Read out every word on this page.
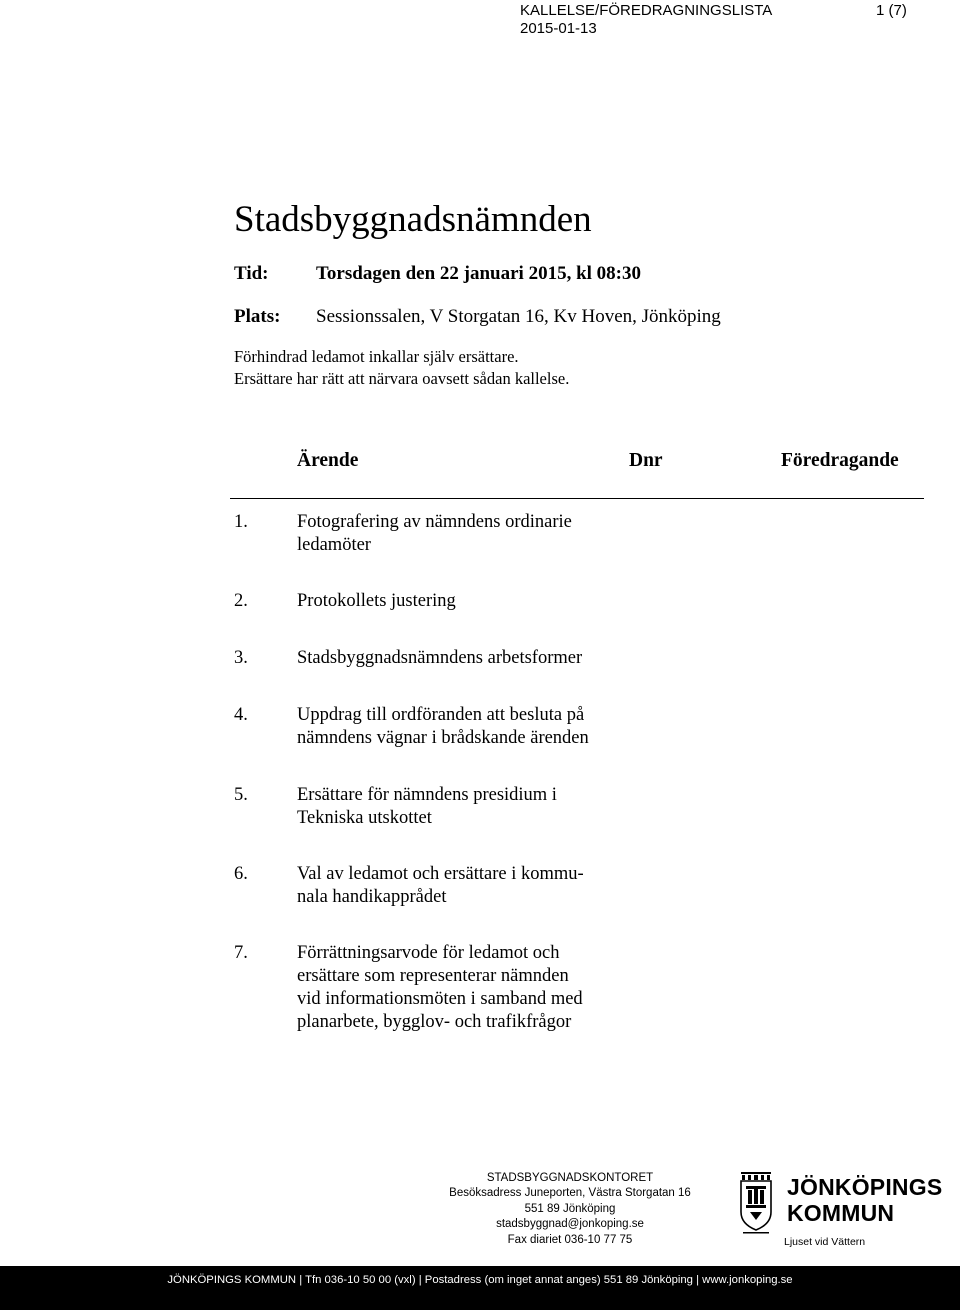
KALLELSE/FÖREDRAGNINGSLISTA	1 (7)
2015-01-13
Stadsbyggnadsnämnden
Tid: Torsdagen den 22 januari 2015, kl 08:30
Plats: Sessionssalen, V Storgatan 16, Kv Hoven, Jönköping
Förhindrad ledamot inkallar själv ersättare.
Ersättare har rätt att närvara oavsett sådan kallelse.
Ärende	Dnr	Föredragande
1.	Fotografering av nämndens ordinarie
ledamöter
2.	Protokollets justering
3.	Stadsbyggnadsnämndens arbetsformer
4.	Uppdrag till ordföranden att besluta på
nämndens vägnar i brådskande ärenden
5.	Ersättare för nämndens presidium i
Tekniska utskottet
6.	Val av ledamot och ersättare i kommu-
nala handikapprådet
7.	Förrättningsarvode för ledamot och
ersättare som representerar nämnden
vid informationsmöten i samband med
planarbete, bygglov- och trafikfrågor
STADSBYGGNADSKONTORET
Besöksadress Juneporten, Västra Storgatan 16
551 89 Jönköping
stadsbyggnad@jonkoping.se
Fax diariet 036-10 77 75
JÖNKÖPINGS
KOMMUN
Ljuset vid Vättern
JÖNKÖPINGS KOMMUN | Tfn 036-10 50 00 (vxl) | Postadress (om inget annat anges) 551 89 Jönköping | www.jonkoping.se
